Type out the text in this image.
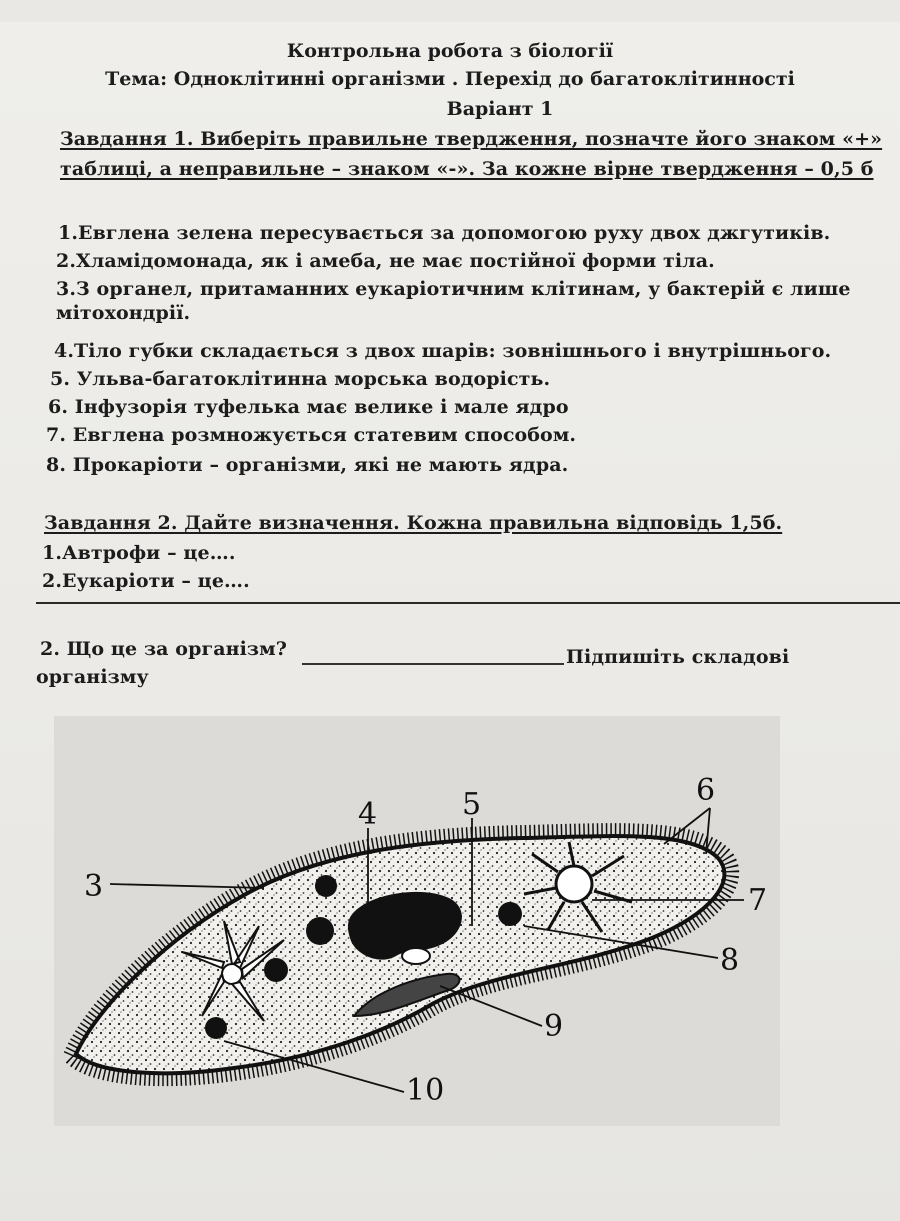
Контрольна робота з біології
Тема: Одноклітинні організми . Перехід до багатоклітинності
Варіант 1
Завдання 1. Виберіть правильне твердження, позначте його знаком «+»
таблиці, а неправильне – знаком «-». За кожне вірне твердження – 0,5 б
1.Евглена зелена пересувається за допомогою руху двох джгутиків.
2.Хламідомонада, як і амеба, не має постійної форми тіла.
3.З органел, притаманних еукаріотичним клітинам, у бактерій є лише
мітохондрії.
4.Тіло губки складається з двох шарів: зовнішнього і внутрішнього.
5. Ульва-багатоклітинна морська водорість.
6. Інфузорія туфелька має велике і мале ядро
7. Евглена розмножується статевим способом.
8. Прокаріоти – організми, які не мають ядра.
Завдання 2. Дайте визначення. Кожна правильна відповідь 1,5б.
1.Автрофи – це….
2.Еукаріоти – це….
2. Що це за організм?	Підпишіть складові
організму
3
4	5	6
7
8
9
10
